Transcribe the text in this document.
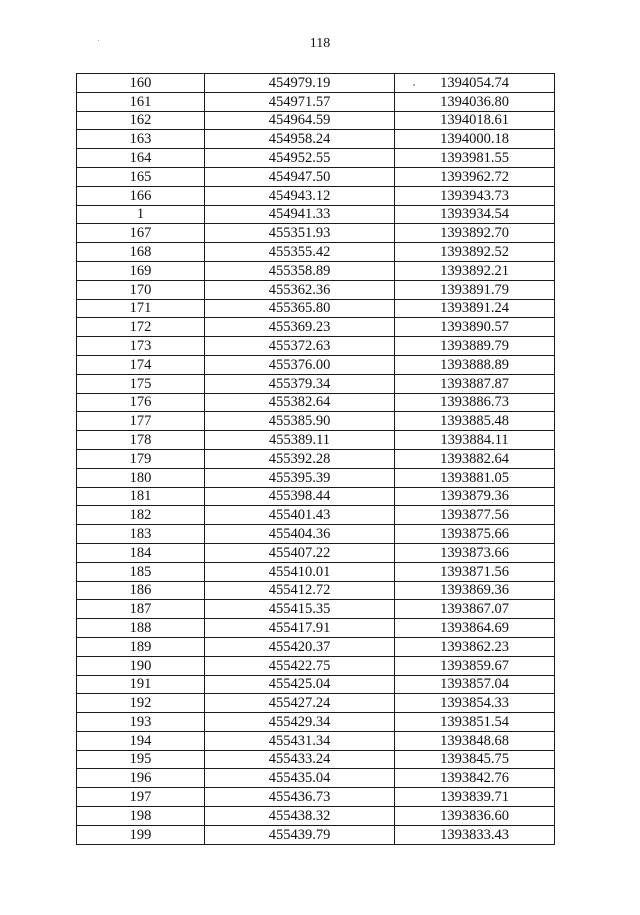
118
160	454979.19	1394054.74
161	454971.57	1394036.80
162	454964.59	1394018.61
163	454958.24	1394000.18
164	454952.55	1393981.55
165	454947.50	1393962.72
166	454943.12	1393943.73
1	454941.33	1393934.54
167	455351.93	1393892.70
168	455355.42	1393892.52
169	455358.89	1393892.21
170	455362.36	1393891.79
171	455365.80	1393891.24
172	455369.23	1393890.57
173	455372.63	1393889.79
174	455376.00	1393888.89
175	455379.34	1393887.87
176	455382.64	1393886.73
177	455385.90	1393885.48
178	455389.11	1393884.11
179	455392.28	1393882.64
180	455395.39	1393881.05
181	455398.44	1393879.36
182	455401.43	1393877.56
183	455404.36	1393875.66
184	455407.22	1393873.66
185	455410.01	1393871.56
186	455412.72	1393869.36
187	455415.35	1393867.07
188	455417.91	1393864.69
189	455420.37	1393862.23
190	455422.75	1393859.67
191	455425.04	1393857.04
192	455427.24	1393854.33
193	455429.34	1393851.54
194	455431.34	1393848.68
195	455433.24	1393845.75
196	455435.04	1393842.76
197	455436.73	1393839.71
198	455438.32	1393836.60
199	455439.79	1393833.43
